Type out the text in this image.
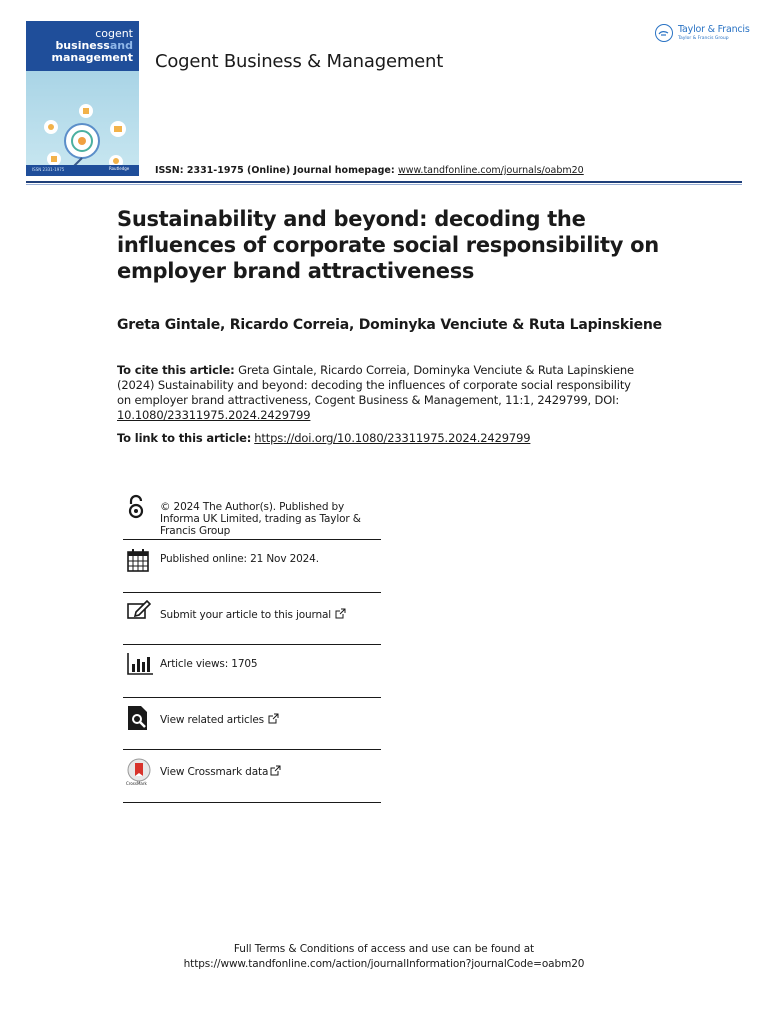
cogent
businessand
management
ISSN 2331-1975	Routledge
Cogent Business & Management
ISSN: 2331-1975 (Online) Journal homepage: www.tandfonline.com/journals/oabm20
Taylor & Francis
Taylor & Francis Group
Sustainability and beyond: decoding the influences of corporate social responsibility on employer brand attractiveness
Greta Gintale, Ricardo Correia, Dominyka Venciute & Ruta Lapinskiene
To cite this article: Greta Gintale, Ricardo Correia, Dominyka Venciute & Ruta Lapinskiene (2024) Sustainability and beyond: decoding the influences of corporate social responsibility on employer brand attractiveness, Cogent Business & Management, 11:1, 2429799, DOI: 10.1080/23311975.2024.2429799
To link to this article: https://doi.org/10.1080/23311975.2024.2429799
© 2024 The Author(s). Published by Informa UK Limited, trading as Taylor & Francis Group
Published online: 21 Nov 2024.
Submit your article to this journal
Article views: 1705
View related articles
CrossMark
View Crossmark data
Full Terms & Conditions of access and use can be found at
https://www.tandfonline.com/action/journalInformation?journalCode=oabm20
